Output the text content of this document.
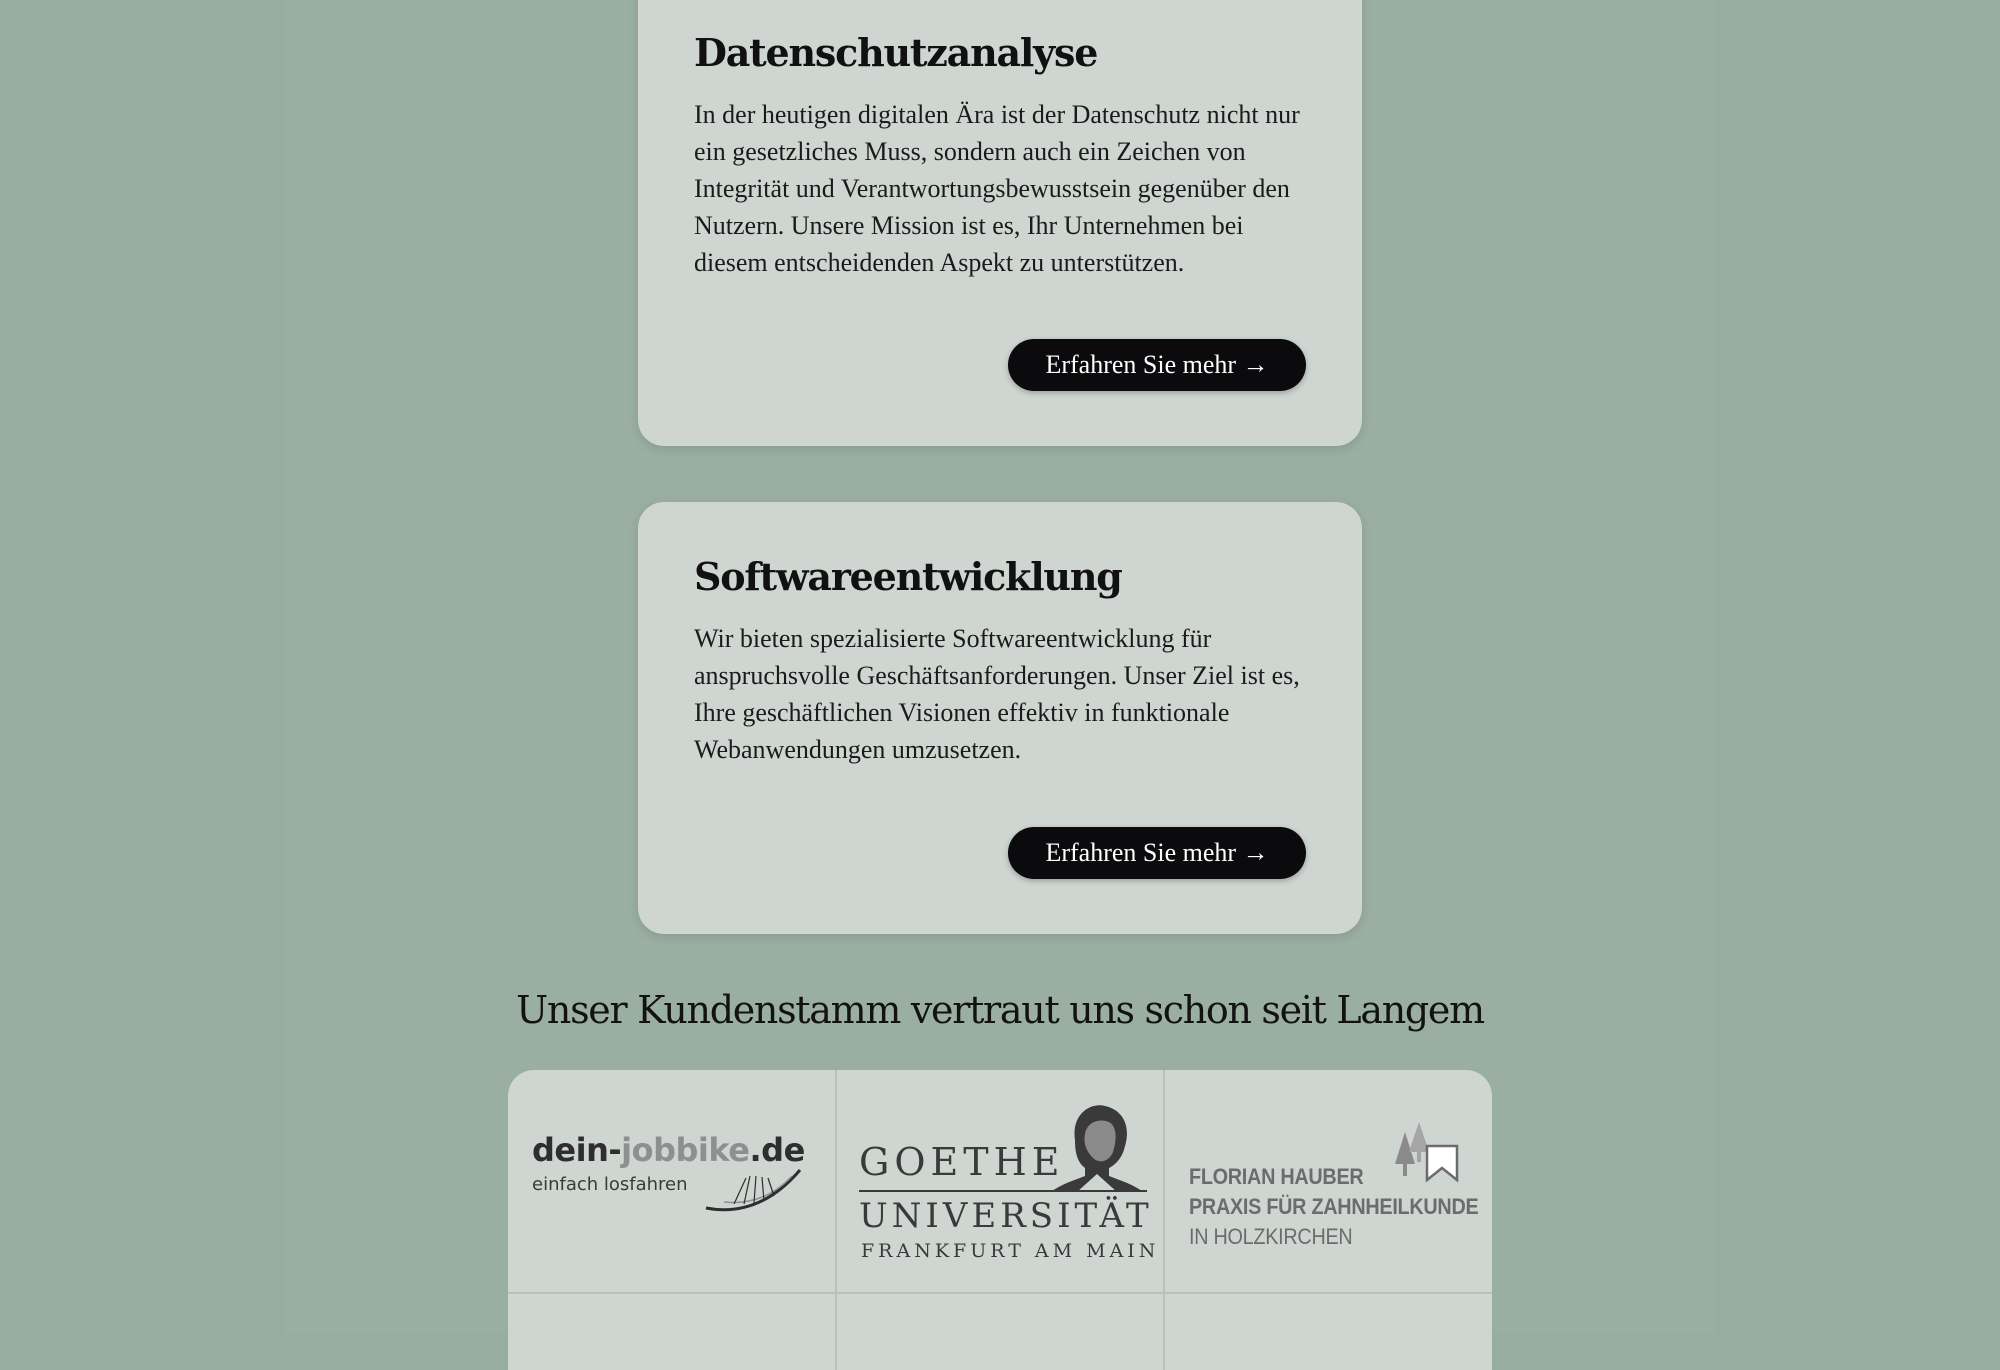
Datenschutzanalyse

In der heutigen digitalen Ära ist der Datenschutz nicht nur ein gesetzliches Muss, sondern auch ein Zeichen von Integrität und Verantwortungsbewusstsein gegenüber den Nutzern. Unsere Mission ist es, Ihr Unternehmen bei diesem entscheidenden Aspekt zu unterstützen.

Erfahren Sie mehr →
Softwareentwicklung

Wir bieten spezialisierte Softwareentwicklung für anspruchsvolle Geschäftsanforderungen. Unser Ziel ist es, Ihre geschäftlichen Visionen effektiv in funktionale Webanwendungen umzusetzen.

Erfahren Sie mehr →
Unser Kundenstamm vertraut uns schon seit Langem
dein-jobbike.de
einfach losfahren
GOETHE
UNIVERSITÄT
FRANKFURT AM MAIN
FLORIAN HAUBER
PRAXIS FÜR ZAHNHEILKUNDE
IN HOLZKIRCHEN
